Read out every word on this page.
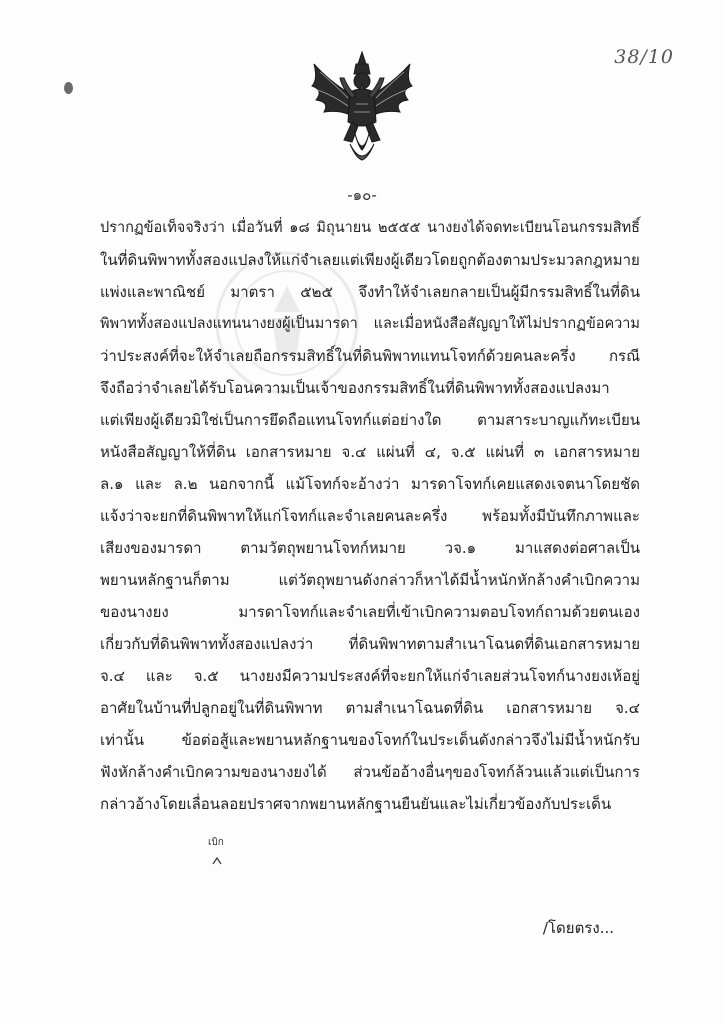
38/10
-๑๐-
ปรากฏข้อเท็จจริงว่า เมื่อวันที่ ๑๘ มิถุนายน ๒๕๕๕ นางยงได้จดทะเบียนโอนกรรมสิทธิ์
ในที่ดินพิพาททั้งสองแปลงให้แก่จำเลยแต่เพียงผู้เดียวโดยถูกต้องตามประมวลกฎหมาย
แพ่งและพาณิชย์ มาตรา ๕๒๕ จึงทำให้จำเลยกลายเป็นผู้มีกรรมสิทธิ์ในที่ดิน
พิพาททั้งสองแปลงแทนนางยงผู้เป็นมารดา และเมื่อหนังสือสัญญาให้ไม่ปรากฏข้อความ
ว่าประสงค์ที่จะให้จำเลยถือกรรมสิทธิ์ในที่ดินพิพาทแทนโจทก์ด้วยคนละครึ่ง กรณี
จึงถือว่าจำเลยได้รับโอนความเป็นเจ้าของกรรมสิทธิ์ในที่ดินพิพาททั้งสองแปลงมา
แต่เพียงผู้เดียวมิใช่เป็นการยึดถือแทนโจทก์แต่อย่างใด ตามสาระบาญแก้ทะเบียน
หนังสือสัญญาให้ที่ดิน เอกสารหมาย จ.๔ แผ่นที่ ๔, จ.๕ แผ่นที่ ๓ เอกสารหมาย
ล.๑ และ ล.๒ นอกจากนี้ แม้โจทก์จะอ้างว่า มารดาโจทก์เคยแสดงเจตนาโดยชัด
แจ้งว่าจะยกที่ดินพิพาทให้แก่โจทก์และจำเลยคนละครึ่ง พร้อมทั้งมีบันทึกภาพและ
เสียงของมารดา ตามวัตถุพยานโจทก์หมาย วจ.๑ มาแสดงต่อศาลเป็น
พยานหลักฐานก็ตาม แต่วัตถุพยานดังกล่าวก็หาได้มีน้ำหนักหักล้างคำเบิกความ
ของนางยง มารดาโจทก์และจำเลยที่เข้าเบิกความตอบโจทก์ถามด้วยตนเอง
เกี่ยวกับที่ดินพิพาททั้งสองแปลงว่า ที่ดินพิพาทตามสำเนาโฉนดที่ดินเอกสารหมาย
จ.๔ และ จ.๕ นางยงมีความประสงค์ที่จะยกให้แก่จำเลยส่วนโจทก์นางยงเห้อยู่
อาศัยในบ้านที่ปลูกอยู่ในที่ดินพิพาท ตามสำเนาโฉนดที่ดิน เอกสารหมาย จ.๔
เท่านั้น ข้อต่อสู้และพยานหลักฐานของโจทก์ในประเด็นดังกล่าวจึงไม่มีน้ำหนักรับ
ฟังหักล้างคำเบิกความของนางยงได้ ส่วนข้ออ้างอื่นๆของโจทก์ล้วนแล้วแต่เป็นการ
กล่าวอ้างโดยเลื่อนลอยปราศจากพยานหลักฐานยืนยันและไม่เกี่ยวข้องกับประเด็น
เบิก
/โดยตรง...
